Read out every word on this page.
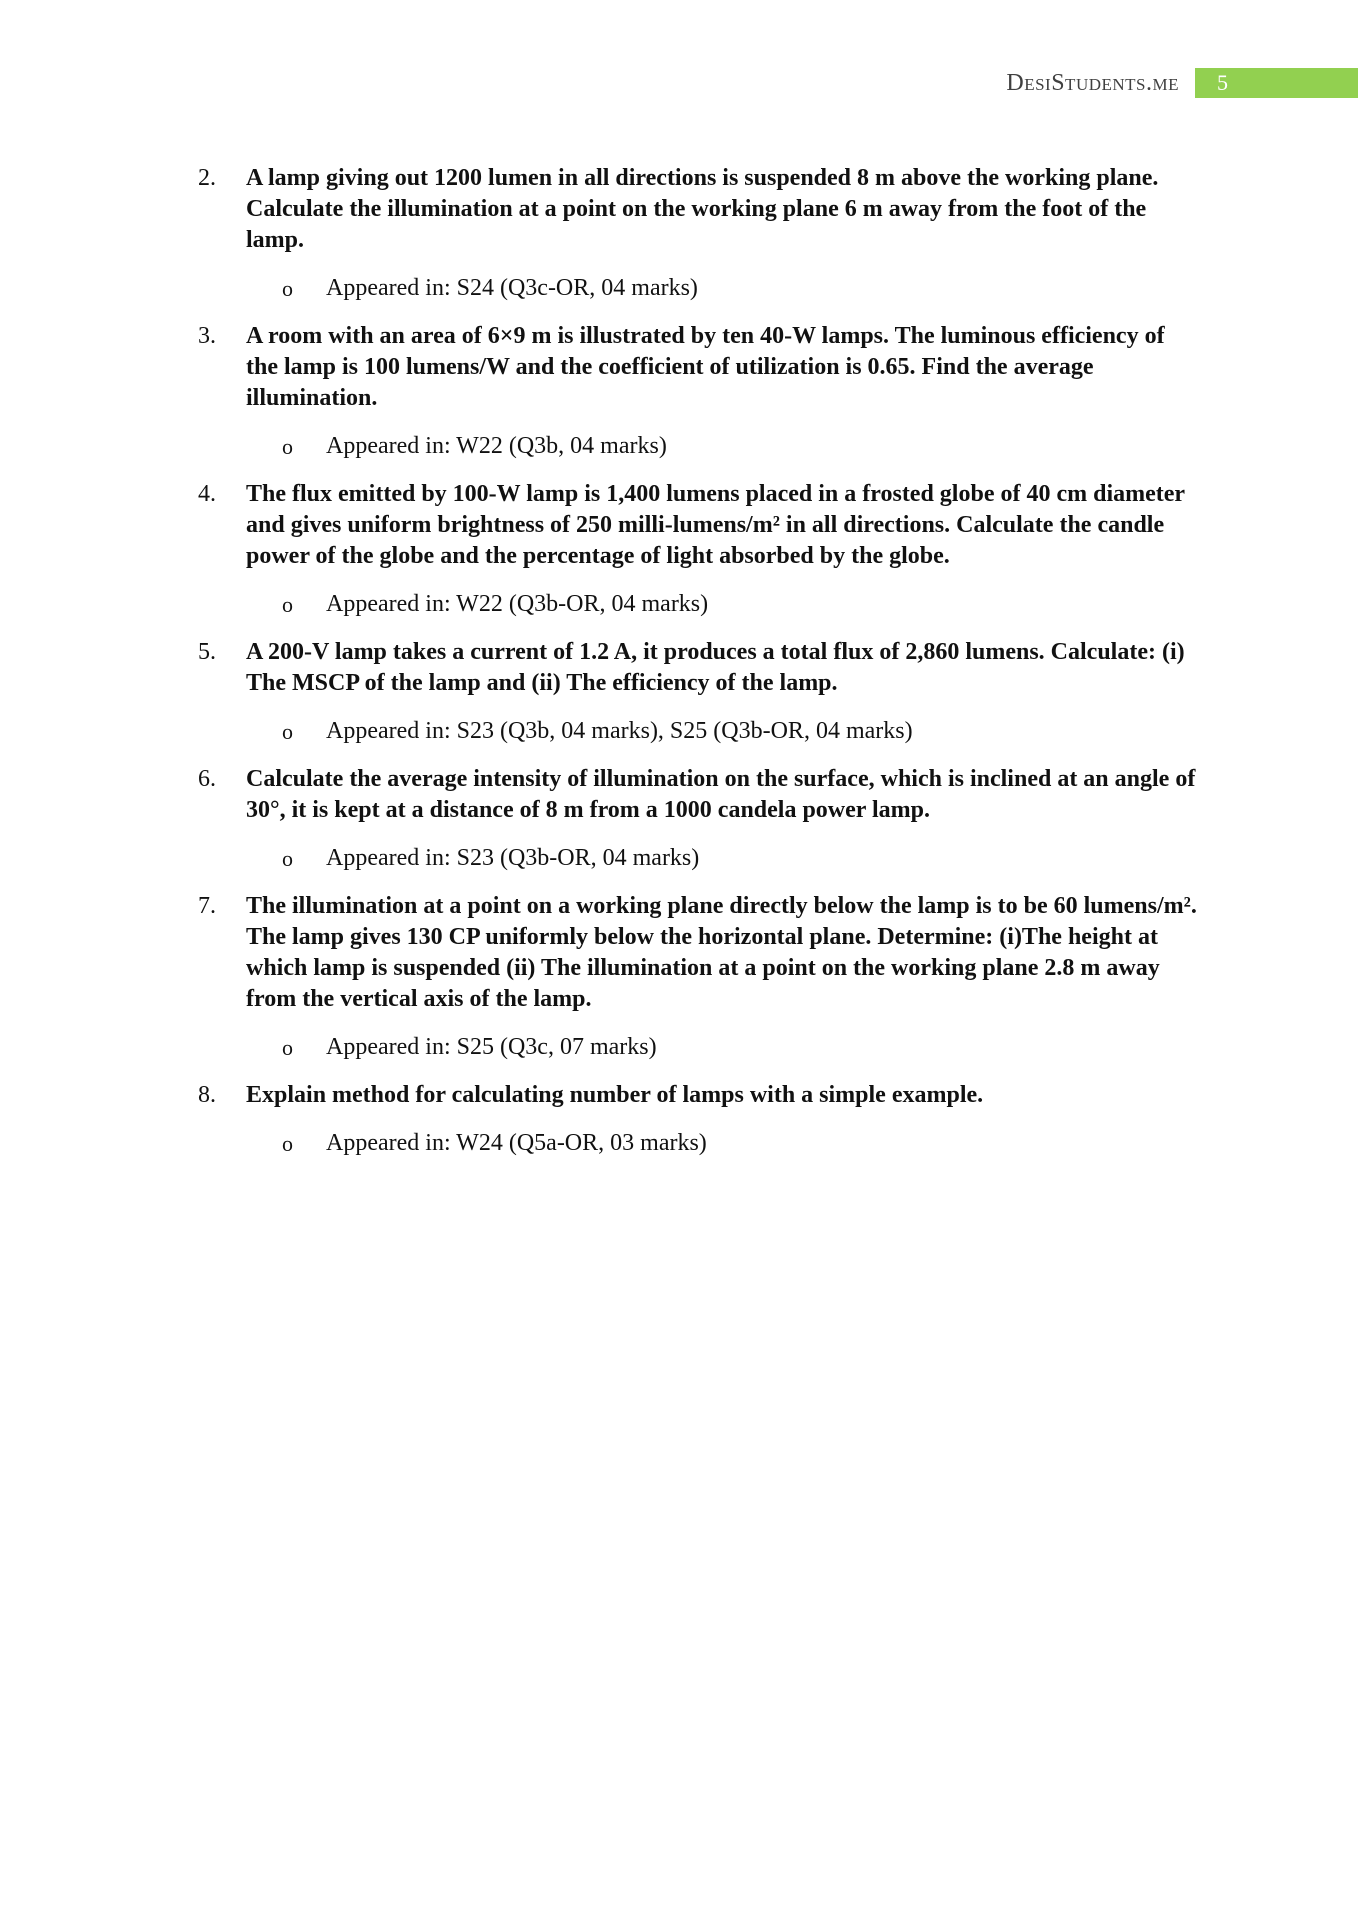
DesiStudents.me	5
2. A lamp giving out 1200 lumen in all directions is suspended 8 m above the working plane. Calculate the illumination at a point on the working plane 6 m away from the foot of the lamp.
o Appeared in: S24 (Q3c-OR, 04 marks)
3. A room with an area of 6×9 m is illustrated by ten 40-W lamps. The luminous efficiency of the lamp is 100 lumens/W and the coefficient of utilization is 0.65. Find the average illumination.
o Appeared in: W22 (Q3b, 04 marks)
4. The flux emitted by 100-W lamp is 1,400 lumens placed in a frosted globe of 40 cm diameter and gives uniform brightness of 250 milli-lumens/m² in all directions. Calculate the candle power of the globe and the percentage of light absorbed by the globe.
o Appeared in: W22 (Q3b-OR, 04 marks)
5. A 200-V lamp takes a current of 1.2 A, it produces a total flux of 2,860 lumens. Calculate: (i) The MSCP of the lamp and (ii) The efficiency of the lamp.
o Appeared in: S23 (Q3b, 04 marks), S25 (Q3b-OR, 04 marks)
6. Calculate the average intensity of illumination on the surface, which is inclined at an angle of 30°, it is kept at a distance of 8 m from a 1000 candela power lamp.
o Appeared in: S23 (Q3b-OR, 04 marks)
7. The illumination at a point on a working plane directly below the lamp is to be 60 lumens/m². The lamp gives 130 CP uniformly below the horizontal plane. Determine: (i)The height at which lamp is suspended (ii) The illumination at a point on the working plane 2.8 m away from the vertical axis of the lamp.
o Appeared in: S25 (Q3c, 07 marks)
8. Explain method for calculating number of lamps with a simple example.
o Appeared in: W24 (Q5a-OR, 03 marks)
